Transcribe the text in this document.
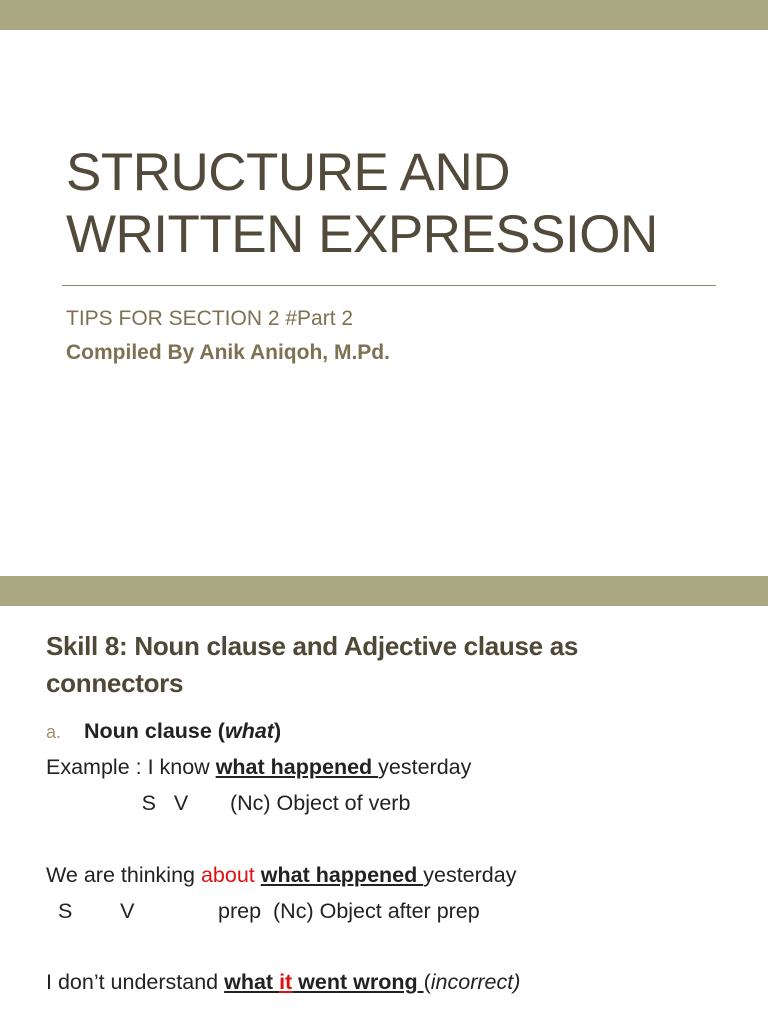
STRUCTURE AND
WRITTEN EXPRESSION
TIPS FOR SECTION 2 #Part 2
Compiled By Anik Aniqoh, M.Pd.
Skill 8: Noun clause and Adjective clause as
connectors
a. Noun clause (what)
Example : I know what happened yesterday
S   V       (Nc) Object of verb
We are thinking about what happened yesterday
S        V              prep  (Nc) Object after prep
I don’t understand what it went wrong (incorrect)
